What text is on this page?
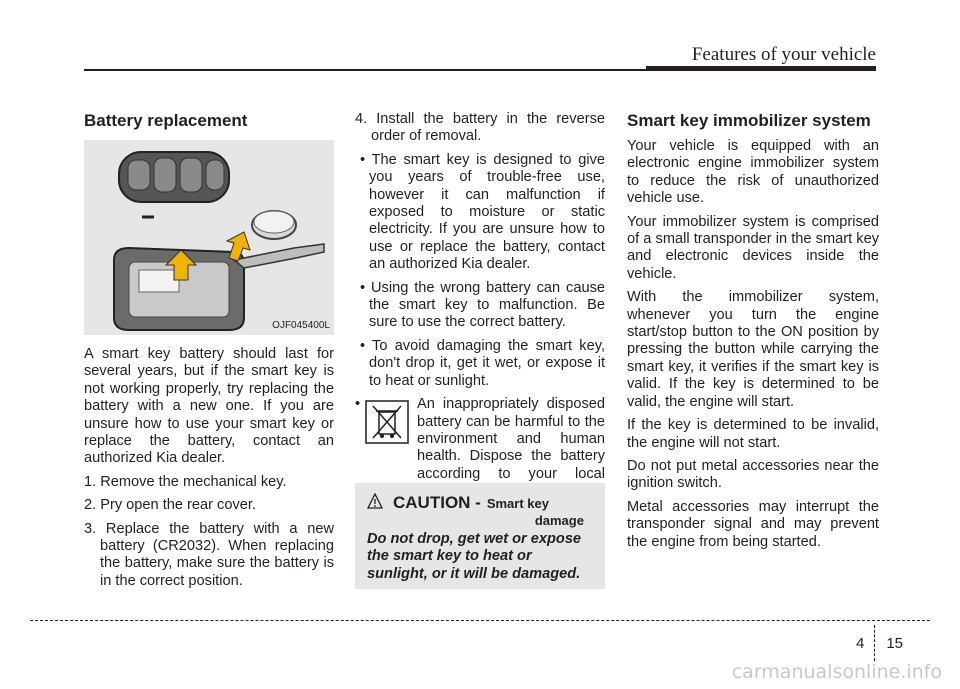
Features of your vehicle
Battery replacement
OJF045400L

A smart key battery should last for several years, but if the smart key is not working properly, try replacing the battery with a new one. If you are unsure how to use your smart key or replace the battery, contact an authorized Kia dealer.

1. Remove the mechanical key.
2. Pry open the rear cover.
3. Replace the battery with a new battery (CR2032). When replacing the battery, make sure the battery is in the correct position.
4. Install the battery in the reverse order of removal.
• The smart key is designed to give you years of trouble-free use, however it can malfunction if exposed to moisture or static electricity. If you are unsure how to use or replace the battery, contact an authorized Kia dealer.
• Using the wrong battery can cause the smart key to malfunction. Be sure to use the correct battery.
• To avoid damaging the smart key, don't drop it, get it wet, or expose it to heat or sunlight.
•	An inappropriately disposed battery can be harmful to the environment and human health. Dispose the battery according to your local
CAUTION - Smart key
damage
Do not drop, get wet or expose the smart key to heat or sunlight, or it will be damaged.
Smart key immobilizer system

Your vehicle is equipped with an electronic engine immobilizer system to reduce the risk of unauthorized vehicle use.

Your immobilizer system is comprised of a small transponder in the smart key and electronic devices inside the vehicle.

With the immobilizer system, whenever you turn the engine start/stop button to the ON position by pressing the button while carrying the smart key, it verifies if the smart key is valid. If the key is determined to be valid, the engine will start.

If the key is determined to be invalid, the engine will not start.

Do not put metal accessories near the ignition switch.

Metal accessories may interrupt the transponder signal and may prevent the engine from being started.

4 15
carmanualsonline.info
